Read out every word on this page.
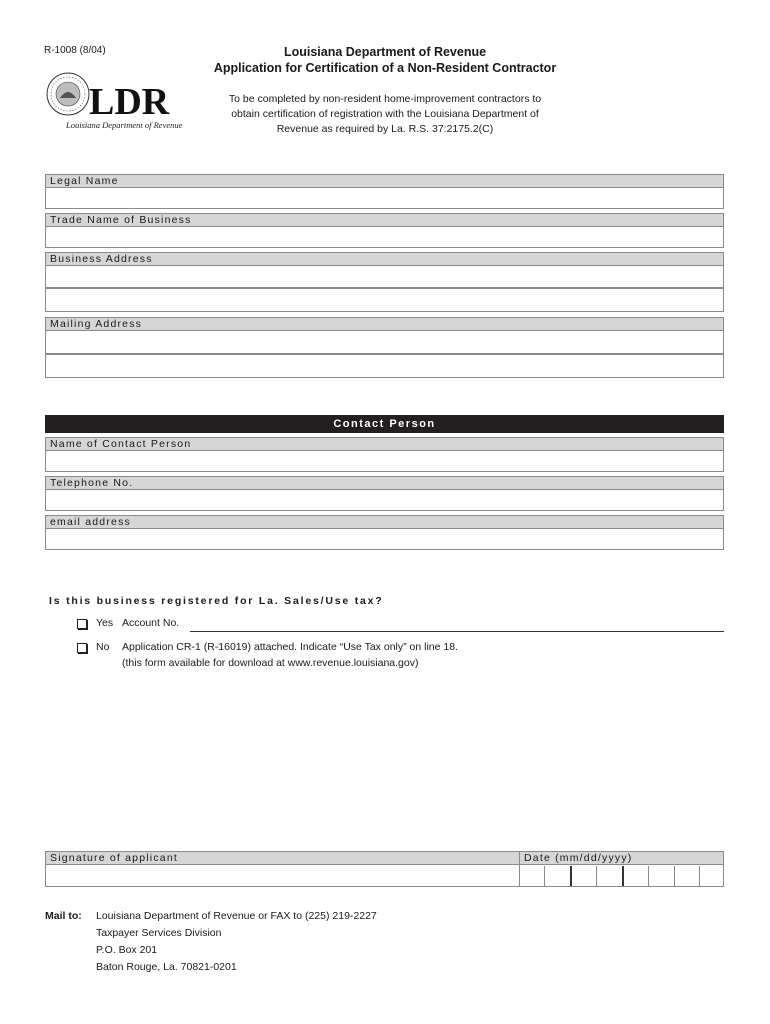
R-1008 (8/04)
LDR
Louisiana Department of Revenue
Louisiana Department of Revenue
Application for Certification of a Non-Resident Contractor
To be completed by non-resident home-improvement contractors to
obtain certification of registration with the Louisiana Department of
Revenue as required by La. R.S. 37:2175.2(C)
Legal Name
Trade Name of Business
Business Address
Mailing Address
Contact Person
Name of Contact Person
Telephone No.
email address
Is this business registered for La. Sales/Use tax?
Yes Account No.
No Application CR-1 (R-16019) attached. Indicate “Use Tax only” on line 18.
(this form available for download at www.revenue.louisiana.gov)
Signature of applicant	Date (mm/dd/yyyy)
Mail to: Louisiana Department of Revenue or FAX to (225) 219-2227
Taxpayer Services Division
P.O. Box 201
Baton Rouge, La. 70821-0201
